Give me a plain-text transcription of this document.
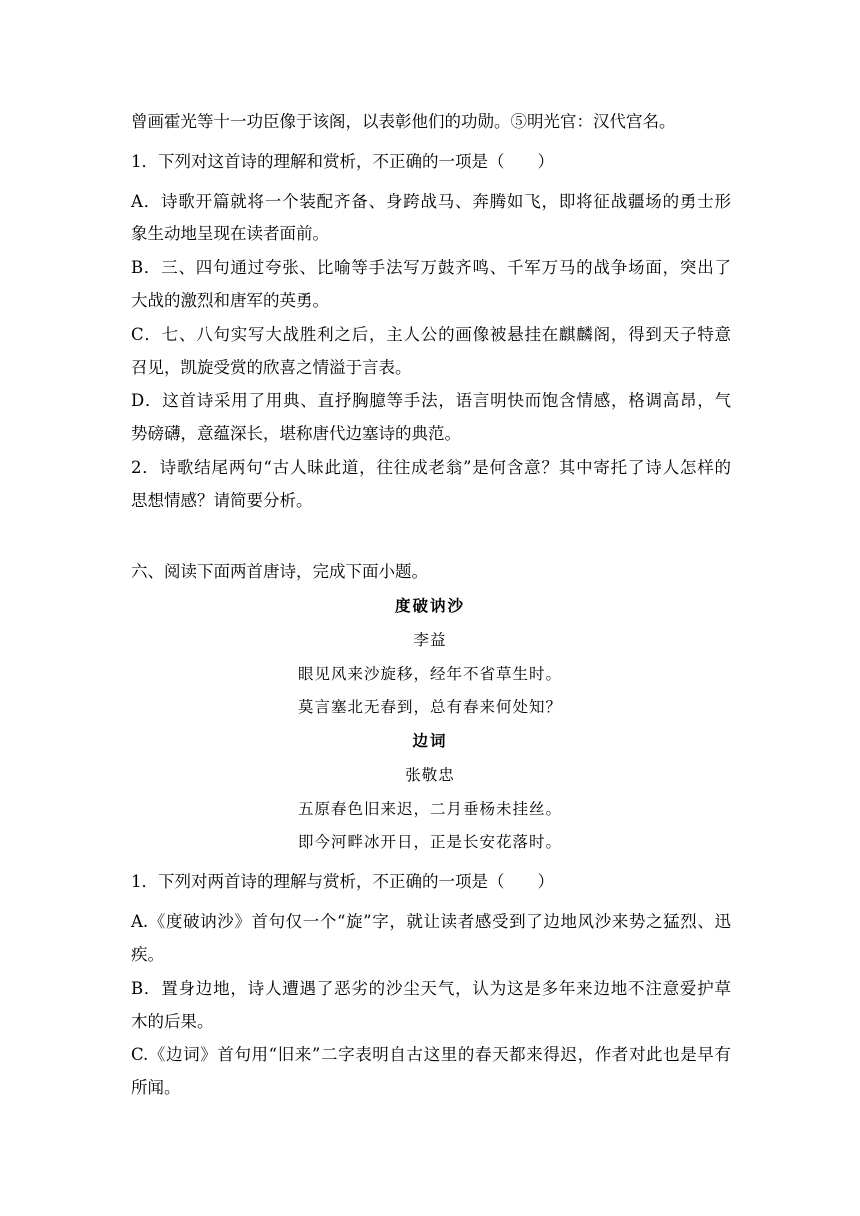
曾画霍光等十一功臣像于该阁，以表彰他们的功勋。⑤明光官：汉代宫名。
1．下列对这首诗的理解和赏析，不正确的一项是（　　）
A．诗歌开篇就将一个装配齐备、身跨战马、奔腾如飞，即将征战疆场的勇士形
象生动地呈现在读者面前。
B．三、四句通过夸张、比喻等手法写万鼓齐鸣、千军万马的战争场面，突出了
大战的激烈和唐军的英勇。
C．七、八句实写大战胜利之后，主人公的画像被悬挂在麒麟阁，得到天子特意
召见，凯旋受赏的欣喜之情溢于言表。
D．这首诗采用了用典、直抒胸臆等手法，语言明快而饱含情感，格调高昂，气
势磅礴，意蕴深长，堪称唐代边塞诗的典范。
2．诗歌结尾两句“古人昧此道，往往成老翁”是何含意？其中寄托了诗人怎样的
思想情感？请简要分析。
六、阅读下面两首唐诗，完成下面小题。
度破讷沙
李益
眼见风来沙旋移，经年不省草生时。
莫言塞北无春到，总有春来何处知？
边词
张敬忠
五原春色旧来迟，二月垂杨未挂丝。
即今河畔冰开日，正是长安花落时。
1．下列对两首诗的理解与赏析，不正确的一项是（　　）
A.《度破讷沙》首句仅一个“旋”字，就让读者感受到了边地风沙来势之猛烈、迅
疾。
B．置身边地，诗人遭遇了恶劣的沙尘天气，认为这是多年来边地不注意爱护草
木的后果。
C.《边词》首句用“旧来”二字表明自古这里的春天都来得迟，作者对此也是早有
所闻。
